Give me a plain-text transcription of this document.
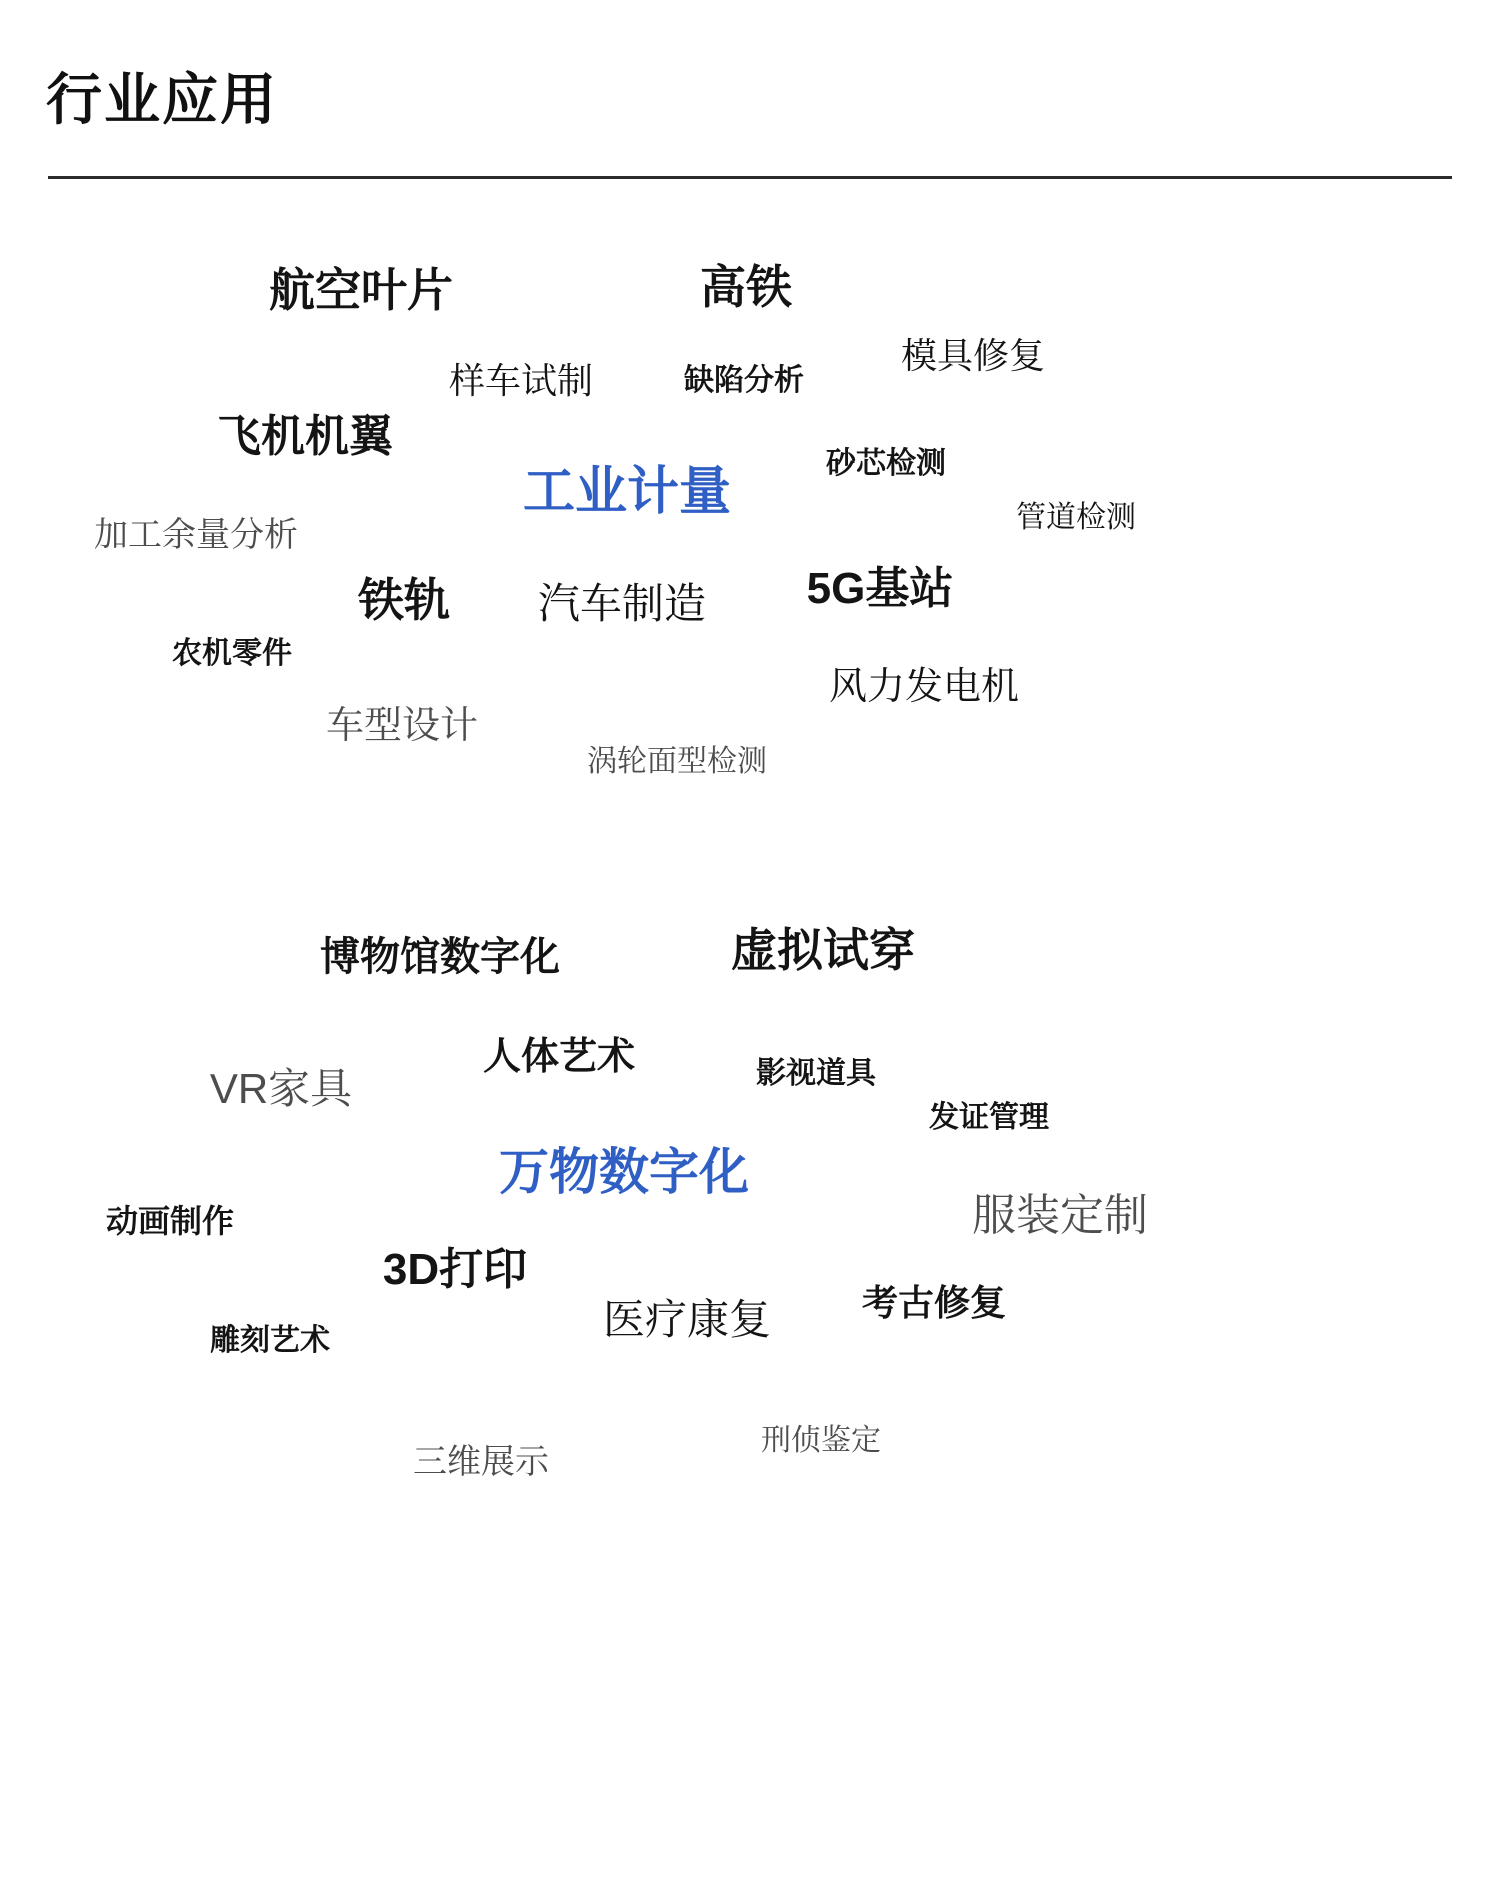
行业应用
航空叶片	高铁
模具修复
样车试制	缺陷分析
飞机机翼
砂芯检测
工业计量	管道检测
加工余量分析
铁轨 汽车制造 5G基站
农机零件
风力发电机
车型设计
涡轮面型检测
博物馆数字化	虚拟试穿
人体艺术	影视道具
VR家具
发证管理
万物数字化
服装定制
动画制作
3D打印
医疗康复	考古修复
雕刻艺术
刑侦鉴定
三维展示
